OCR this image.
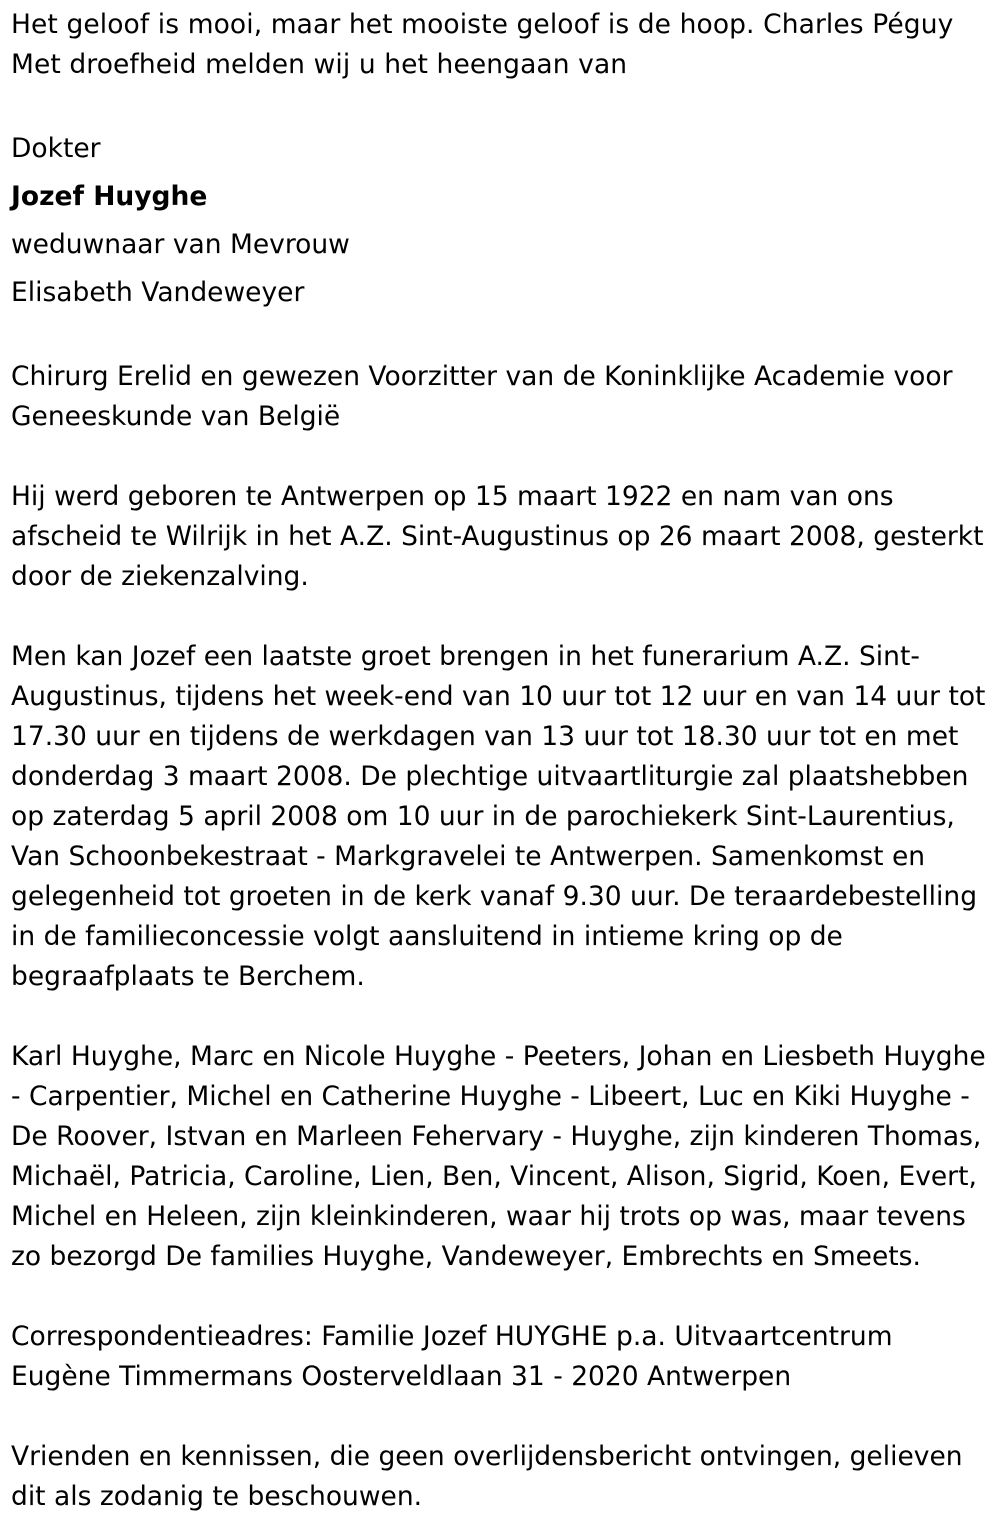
Het geloof is mooi, maar het mooiste geloof is de hoop. Charles Péguy

Met droefheid melden wij u het heengaan van

Dokter

Jozef Huyghe

weduwnaar van Mevrouw

Elisabeth Vandeweyer

Chirurg Erelid en gewezen Voorzitter van de Koninklijke Academie voor Geneeskunde van België

Hij werd geboren te Antwerpen op 15 maart 1922 en nam van ons afscheid te Wilrijk in het A.Z. Sint-Augustinus op 26 maart 2008, gesterkt door de ziekenzalving.

Men kan Jozef een laatste groet brengen in het funerarium A.Z. Sint-Augustinus, tijdens het week-end van 10 uur tot 12 uur en van 14 uur tot 17.30 uur en tijdens de werkdagen van 13 uur tot 18.30 uur tot en met donderdag 3 maart 2008. De plechtige uitvaartliturgie zal plaatshebben op zaterdag 5 april 2008 om 10 uur in de parochiekerk Sint-Laurentius, Van Schoonbekestraat - Markgravelei te Antwerpen. Samenkomst en gelegenheid tot groeten in de kerk vanaf 9.30 uur. De teraardebestelling in de familieconcessie volgt aansluitend in intieme kring op de begraafplaats te Berchem.

Karl Huyghe, Marc en Nicole Huyghe - Peeters, Johan en Liesbeth Huyghe - Carpentier, Michel en Catherine Huyghe - Libeert, Luc en Kiki Huyghe - De Roover, Istvan en Marleen Fehervary - Huyghe, zijn kinderen Thomas, Michaël, Patricia, Caroline, Lien, Ben, Vincent, Alison, Sigrid, Koen, Evert, Michel en Heleen, zijn kleinkinderen, waar hij trots op was, maar tevens zo bezorgd De families Huyghe, Vandeweyer, Embrechts en Smeets.

Correspondentieadres: Familie Jozef HUYGHE p.a. Uitvaartcentrum Eugène Timmermans Oosterveldlaan 31 - 2020 Antwerpen

Vrienden en kennissen, die geen overlijdensbericht ontvingen, gelieven dit als zodanig te beschouwen.
